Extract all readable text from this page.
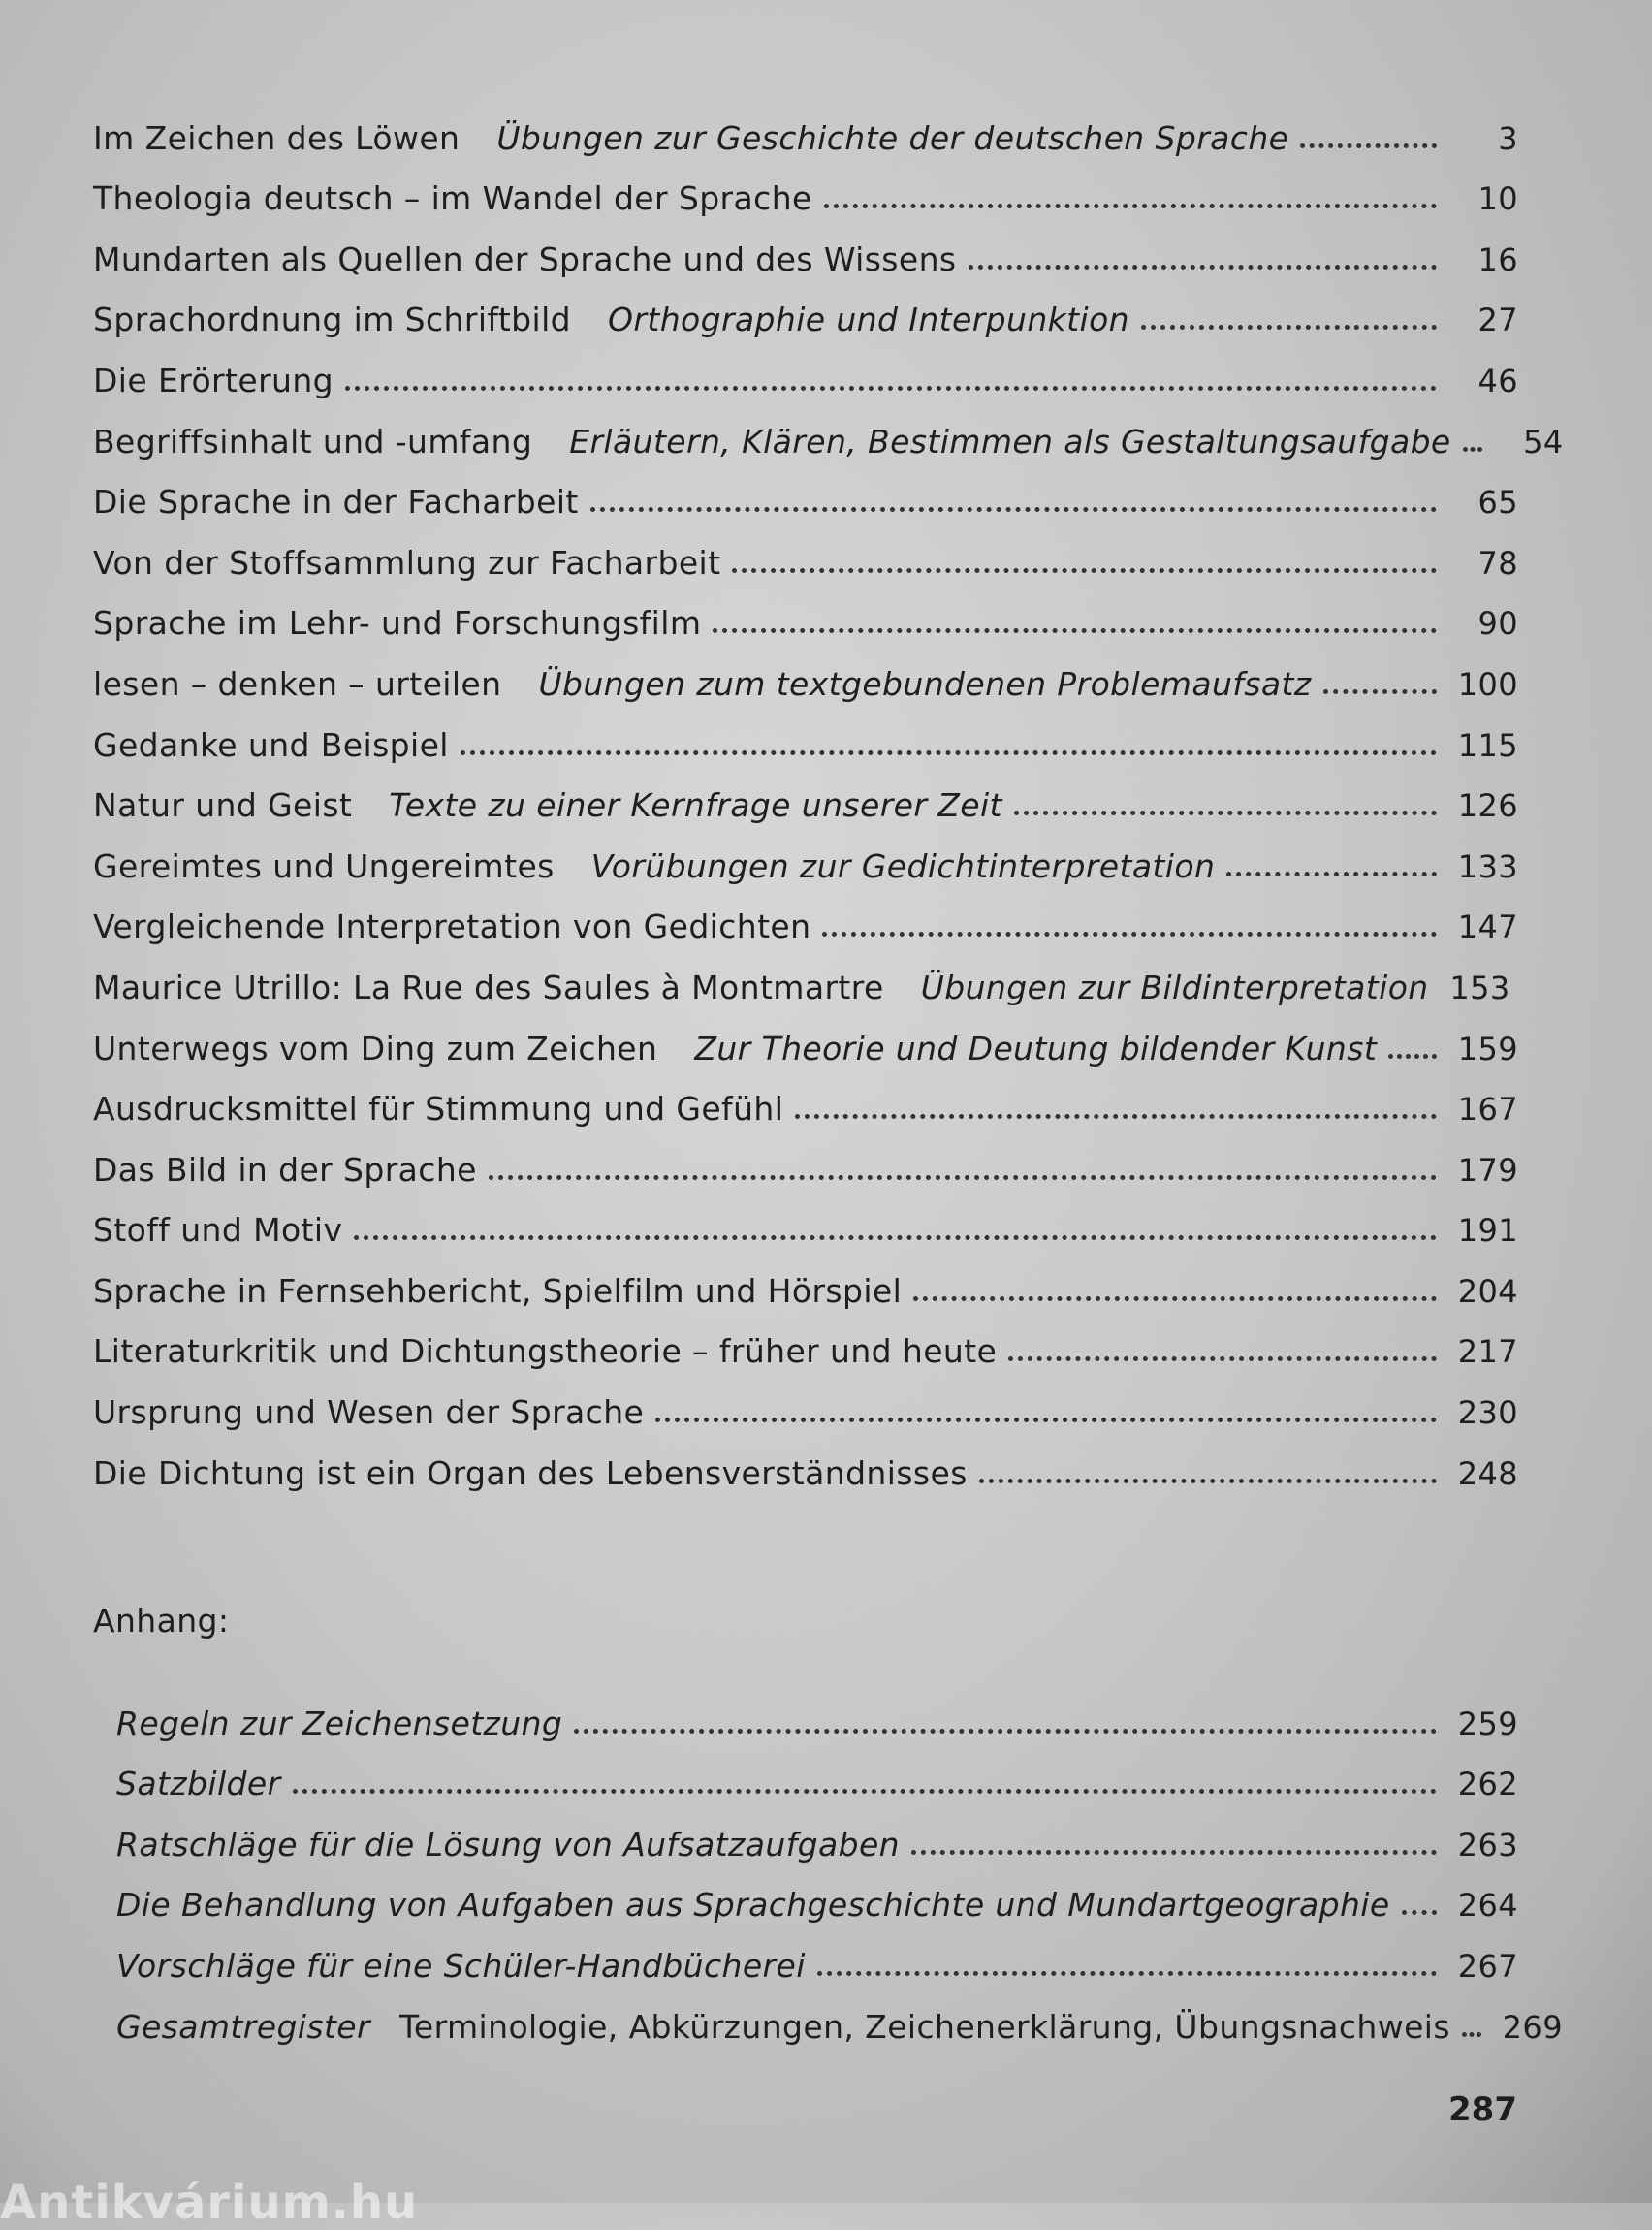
Im Zeichen des Löwen Übungen zur Geschichte der deutschen Sprache	3
Theologia deutsch – im Wandel der Sprache	10
Mundarten als Quellen der Sprache und des Wissens	16
Sprachordnung im Schriftbild Orthographie und Interpunktion	27
Die Erörterung	46
Begriffsinhalt und -umfang Erläutern, Klären, Bestimmen als Gestaltungsaufgabe	54
Die Sprache in der Facharbeit	65
Von der Stoffsammlung zur Facharbeit	78
Sprache im Lehr- und Forschungsfilm	90
lesen – denken – urteilen Übungen zum textgebundenen Problemaufsatz	100
Gedanke und Beispiel	115
Natur und Geist Texte zu einer Kernfrage unserer Zeit	126
Gereimtes und Ungereimtes Vorübungen zur Gedichtinterpretation	133
Vergleichende Interpretation von Gedichten	147
Maurice Utrillo: La Rue des Saules à Montmartre Übungen zur Bildinterpretation 153
Unterwegs vom Ding zum Zeichen Zur Theorie und Deutung bildender Kunst	159
Ausdrucksmittel für Stimmung und Gefühl	167
Das Bild in der Sprache	179
Stoff und Motiv	191
Sprache in Fernsehbericht, Spielfilm und Hörspiel	204
Literaturkritik und Dichtungstheorie – früher und heute	217
Ursprung und Wesen der Sprache	230
Die Dichtung ist ein Organ des Lebensverständnisses	248
Anhang:
Regeln zur Zeichensetzung	259
Satzbilder	262
Ratschläge für die Lösung von Aufsatzaufgaben	263
Die Behandlung von Aufgaben aus Sprachgeschichte und Mundartgeographie 264
Vorschläge für eine Schüler-Handbücherei	267
Gesamtregister Terminologie, Abkürzungen, Zeichenerklärung, Übungsnachweis 269
287
Antikvárium.hu
